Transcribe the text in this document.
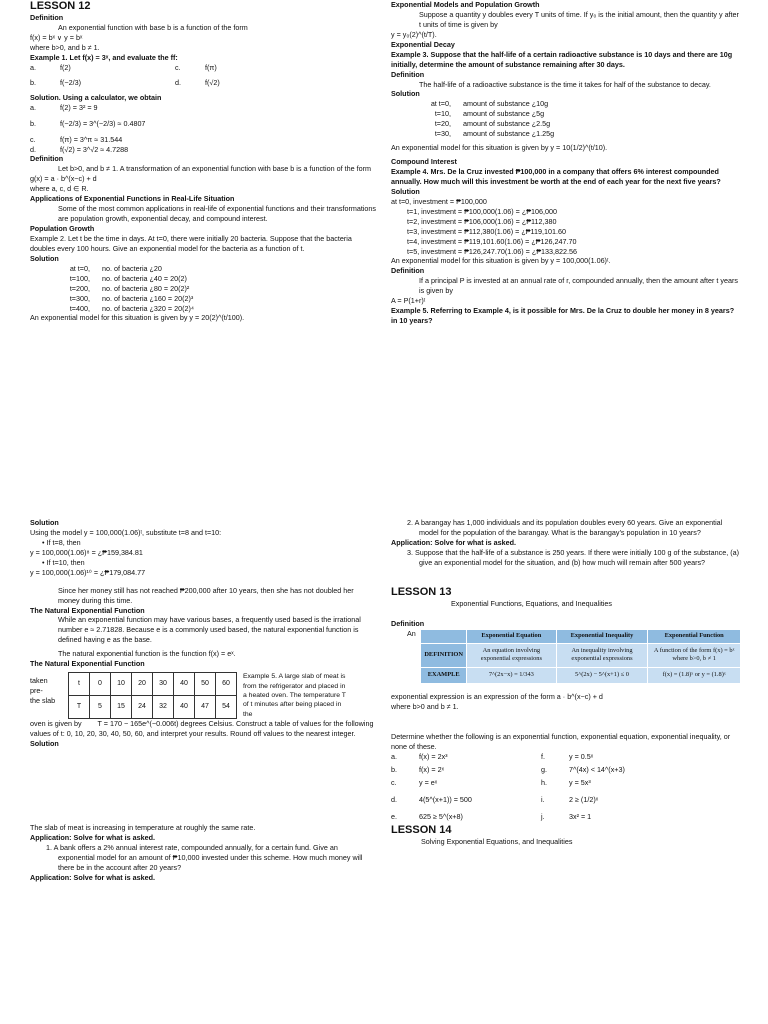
LESSON 12
Definition
An exponential function with base b is a function of the form
f(x) = bˣ ∨ y = bˣ
where b>0, and b ≠ 1.
Example 1. Let f(x) = 3ˣ, and evaluate the ff:
a.	f(2)	c.	f(π)
b.	f(−2/3)	d.	f(√2)
Solution. Using a calculator, we obtain
a.	f(2) = 3² = 9
b.	f(−2/3) = 3^(−2/3) ≈ 0.4807
c.	f(π) = 3^π ≈ 31.544
d.	f(√2) = 3^√2 ≈ 4.7288
Definition
Let b>0, and b ≠ 1. A transformation of an exponential function with base b is a function of the form
g(x) = a · b^(x−c) + d
where a, c, d ∈ R.
Applications of Exponential Functions in Real-Life Situation
Some of the most common applications in real-life of exponential functions and their transformations are population growth, exponential decay, and compound interest.
Population Growth
Example 2. Let t be the time in days. At t=0, there were initially 20 bacteria. Suppose that the bacteria doubles every 100 hours. Give an exponential model for the bacteria as a function of t.
Solution
at t=0,	no. of bacteria ¿20
t=100,	no. of bacteria ¿40 = 20(2)
t=200,	no. of bacteria ¿80 = 20(2)²
t=300,	no. of bacteria ¿160 = 20(2)³
t=400,	no. of bacteria ¿320 = 20(2)⁴
An exponential model for this situation is given by y = 20(2)^(t/100).
Exponential Models and Population Growth
Suppose a quantity y doubles every T units of time. If y₀ is the initial amount, then the quantity y after t units of time is given by
y = y₀(2)^(t/T).
Exponential Decay
Example 3. Suppose that the half-life of a certain radioactive substance is 10 days and there are 10g initially, determine the amount of substance remaining after 30 days.
Definition
The half-life of a radioactive substance is the time it takes for half of the substance to decay.
Solution
at t=0,	amount of substance ¿10g
t=10,	amount of substance ¿5g
t=20,	amount of substance ¿2.5g
t=30,	amount of substance ¿1.25g
An exponential model for this situation is given by y = 10(1/2)^(t/10).
Compound Interest
Example 4. Mrs. De la Cruz invested ₱100,000 in a company that offers 6% interest compounded annually. How much will this investment be worth at the end of each year for the next five years?
Solution
at t=0, investment = ₱100,000
t=1, investment = ₱100,000(1.06) = ¿₱106,000
t=2, investment = ₱106,000(1.06) = ¿₱112,380
t=3, investment = ₱112,380(1.06) = ¿₱119,101.60
t=4, investment = ₱119,101.60(1.06) = ¿₱126,247.70
t=5, investment = ₱126,247.70(1.06) = ¿₱133,822.56
An exponential model for this situation is given by y = 100,000(1.06)ᵗ.
Definition
If a principal P is invested at an annual rate of r, compounded annually, then the amount after t years is given by
A = P(1+r)ᵗ
Example 5. Referring to Example 4, is it possible for Mrs. De la Cruz to double her money in 8 years? in 10 years?
Solution
Using the model y = 100,000(1.06)ᵗ, substitute t=8 and t=10:
• If t=8, then
y = 100,000(1.06)⁸ = ¿₱159,384.81
• If t=10, then
y = 100,000(1.06)¹⁰ = ¿₱179,084.77
Since her money still has not reached ₱200,000 after 10 years, then she has not doubled her money during this time.
The Natural Exponential Function
While an exponential function may have various bases, a frequently used based is the irrational number e ≈ 2.71828. Because e is a commonly used based, the natural exponential function is defined having e as the base.
The natural exponential function is the function f(x) = eˣ.
The Natural Exponential Function
taken
pre-
the slab
t	0	10	20	30	40	50	60
T	5	15	24	32	40	47	54
Example 5. A large slab of meat is from the refrigerator and placed in a heated oven. The temperature T of t minutes after being placed in the
oven is given by T = 170 − 165e^(−0.006t) degrees Celsius. Construct a table of values for the following values of t: 0, 10, 20, 30, 40, 50, 60, and interpret your results. Round off values to the nearest integer.
Solution
The slab of meat is increasing in temperature at roughly the same rate.
Application: Solve for what is asked.
1. A bank offers a 2% annual interest rate, compounded annually, for a certain fund. Give an exponential model for an amount of ₱10,000 invested under this scheme. How much money will there be in the account after 20 years?
Application: Solve for what is asked.
2. A barangay has 1,000 individuals and its population doubles every 60 years. Give an exponential model for the population of the barangay. What is the barangay’s population in 10 years?
Application: Solve for what is asked.
3. Suppose that the half-life of a substance is 250 years. If there were initially 100 g of the substance, (a) give an exponential model for the situation, and (b) how much will remain after 500 years?
LESSON 13
Exponential Functions, Equations, and Inequalities
Definition
An
		Exponential Equation	Exponential Inequality	Exponential Function
DEFINITION	An equation involving exponential expressions	An inequality involving exponential expressions	A function of the form f(x) = bˣ where b>0, b ≠ 1
EXAMPLE	7^(2x−x) = 1/343	5^(2x) − 5^(x+1) ≤ 0	f(x) = (1.8)ˣ or y = (1.8)ˣ
exponential expression is an expression of the form a · b^(x−c) + d
where b>0 and b ≠ 1.
Determine whether the following is an exponential function, exponential equation, exponential inequality, or none of these.
a.	f(x) = 2x³	f.	y = 0.5ˣ
b.	f(x) = 2ˣ	g.	7^(4x) < 14^(x+3)
c.	y = eˣ	h.	y = 5x³
d.	4(5^(x+1)) = 500	i.	2 ≥ (1/2)ˣ
e.	625 ≥ 5^(x+8)	j.	3x² = 1
LESSON 14
Solving Exponential Equations, and Inequalities
